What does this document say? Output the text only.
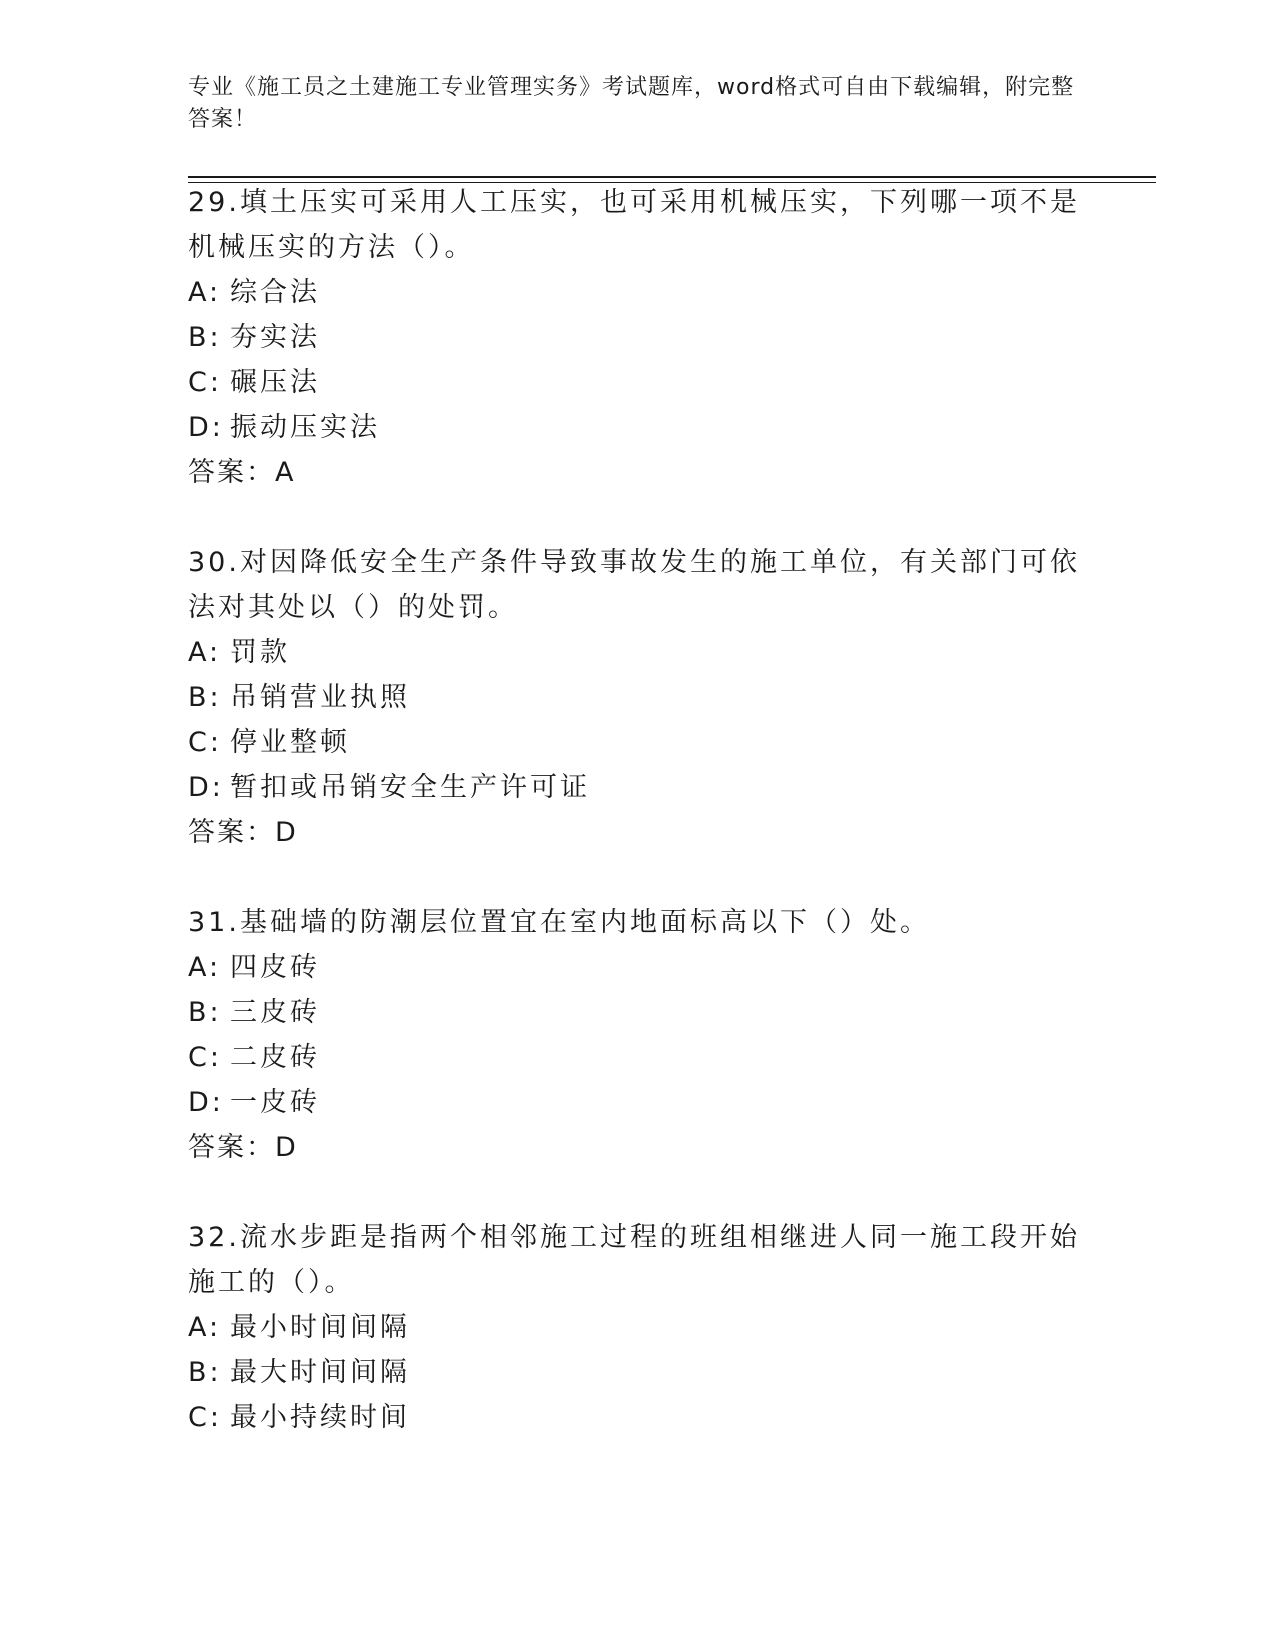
专业《施工员之土建施工专业管理实务》考试题库，word格式可自由下载编辑，附完整答案！

29.填土压实可采用人工压实，也可采用机械压实，下列哪一项不是机械压实的方法（）。

A: 综合法

B: 夯实法

C: 碾压法

D: 振动压实法

答案：A

30.对因降低安全生产条件导致事故发生的施工单位，有关部门可依法对其处以（）的处罚。

A: 罚款

B: 吊销营业执照

C: 停业整顿

D: 暂扣或吊销安全生产许可证

答案：D

31.基础墙的防潮层位置宜在室内地面标高以下（）处。

A: 四皮砖

B: 三皮砖

C: 二皮砖

D: 一皮砖

答案：D

32.流水步距是指两个相邻施工过程的班组相继进人同一施工段开始施工的（）。

A: 最小时间间隔

B: 最大时间间隔

C: 最小持续时间
